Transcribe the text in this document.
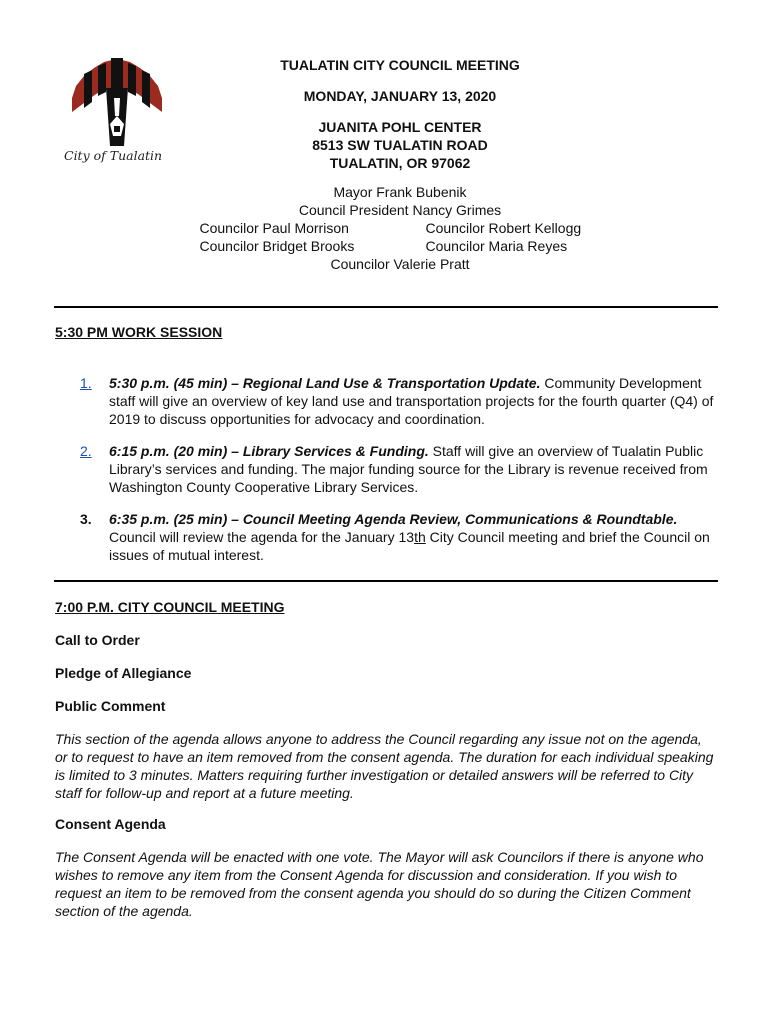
City of Tualatin
TUALATIN CITY COUNCIL MEETING
MONDAY, JANUARY 13, 2020
JUANITA POHL CENTER
8513 SW TUALATIN ROAD
TUALATIN, OR 97062
Mayor Frank Bubenik
Council President Nancy Grimes
Councilor Paul Morrison	Councilor Robert Kellogg
Councilor Bridget Brooks	Councilor Maria Reyes
Councilor Valerie Pratt
5:30 PM WORK SESSION
1.	5:30 p.m. (45 min) – Regional Land Use & Transportation Update. Community Development staff will give an overview of key land use and transportation projects for the fourth quarter (Q4) of 2019 to discuss opportunities for advocacy and coordination.
2.	6:15 p.m. (20 min) – Library Services & Funding. Staff will give an overview of Tualatin Public Library’s services and funding. The major funding source for the Library is revenue received from Washington County Cooperative Library Services.
3.	6:35 p.m. (25 min) – Council Meeting Agenda Review, Communications & Roundtable. Council will review the agenda for the January 13th City Council meeting and brief the Council on issues of mutual interest.
7:00 P.M. CITY COUNCIL MEETING
Call to Order
Pledge of Allegiance
Public Comment
This section of the agenda allows anyone to address the Council regarding any issue not on the agenda, or to request to have an item removed from the consent agenda. The duration for each individual speaking is limited to 3 minutes. Matters requiring further investigation or detailed answers will be referred to City staff for follow-up and report at a future meeting.
Consent Agenda
The Consent Agenda will be enacted with one vote. The Mayor will ask Councilors if there is anyone who wishes to remove any item from the Consent Agenda for discussion and consideration. If you wish to request an item to be removed from the consent agenda you should do so during the Citizen Comment section of the agenda.
